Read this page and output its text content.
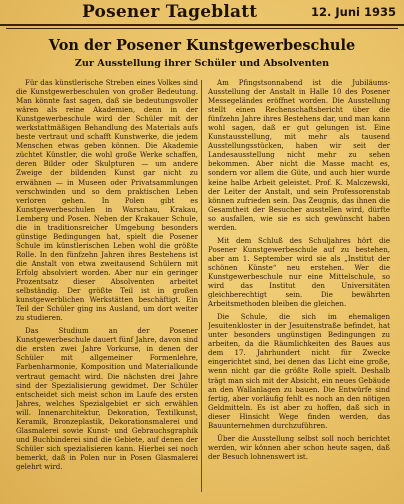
Posener Tageblatt	12. Juni 1935
Von der Posener Kunstgewerbeschule
Zur Ausstellung ihrer Schüler und Absolventen

Für das künstlerische Streben eines Volkes sind die Kunstgewerbeschulen von großer Bedeutung. Man könnte fast sagen, daß sie bedeutungsvoller wären als reine Akademien, denn in der Kunstgewerbeschule wird der Schüler mit der werkstattmäßigen Behandlung des Materials aufs beste vertraut und schafft Kunstwerke, die jedem Menschen etwas geben können. Die Akademie züchtet Künstler, die wohl große Werke schaffen, deren Bilder oder Skulpturen — um andere Zweige der bildenden Kunst gar nicht zu erwähnen — in Museen oder Privatsammlungen verschwinden und so dem praktischen Leben verloren gehen. In Polen gibt es Kunstgewerbeschulen in Warschau, Krakau, Lemberg und Posen. Neben der Krakauer Schule, die in traditionsreicher Umgebung besonders günstige Bedingungen hat, spielt die Posener Schule im künstlerischen Leben wohl die größte Rolle. In den fünfzehn Jahren ihres Bestehens ist die Anstalt von etwa zweitausend Schülern mit Erfolg absolviert worden. Aber nur ein geringer Prozentsatz dieser Absolventen arbeitet selbständig. Der größte Teil ist in großen kunstgewerblichen Werkstätten beschäftigt. Ein Teil der Schüler ging ins Ausland, um dort weiter zu studieren.

Das Studium an der Posener Kunstgewerbeschule dauert fünf Jahre, davon sind die ersten zwei Jahre Vorkurse, in denen der Schüler mit allgemeiner Formenlehre, Farbenharmonie, Komposition und Materialkunde vertraut gemacht wird. Die nächsten drei Jahre sind der Spezialisierung gewidmet. Der Schüler entscheidet sich meist schon im Laufe des ersten Jahres, welches Spezialgebiet er sich erwählen will. Innenarchitektur, Dekoration, Textilkunst, Keramik, Bronzeplastik, Dekorationsmalerei und Glasmalerei sowie Kunst- und Gebrauchsgraphik und Buchbinderei sind die Gebiete, auf denen der Schüler sich spezialisieren kann. Hierbei sei noch bemerkt, daß in Polen nur in Posen Glasmalerei gelehrt wird.

Am Pfingstsonnabend ist die Jubiläums-Ausstellung der Anstalt in Halle 10 des Posener Messegeländes eröffnet worden. Die Ausstellung stellt einen Rechenschaftsbericht über die fünfzehn Jahre ihres Bestehens dar, und man kann wohl sagen, daß er gut gelungen ist. Eine Kunstausstellung, mit mehr als tausend Ausstellungsstücken, haben wir seit der Landesausstellung nicht mehr zu sehen bekommen. Aber nicht die Masse macht es, sondern vor allem die Güte, und auch hier wurde keine halbe Arbeit geleistet. Prof. K. Malczewski, der Leiter der Anstalt, und sein Professorenstab können zufrieden sein. Das Zeugnis, das ihnen die Gesamtheit der Besucher ausstellen wird, dürfte so ausfallen, wie sie es sich gewünscht haben werden.

Mit dem Schluß des Schuljahres hört die Posener Kunstgewerbeschule auf zu bestehen, aber am 1. September wird sie als „Institut der schönen Künste“ neu erstehen. Wer die Kunstgewerbeschule nur eine Mittelschule, so wird das Institut den Universitäten gleichberechtigt sein. Die bewährten Arbeitsmethoden bleiben die gleichen.

Die Schule, die sich im ehemaligen Jesuitenkloster in der Jesuitenstraße befindet, hat unter besonders ungünstigen Bedingungen zu arbeiten, da die Räumlichkeiten des Baues aus dem 17. Jahrhundert nicht für Zwecke eingerichtet sind, bei denen das Licht eine große, wenn nicht gar die größte Rolle spielt. Deshalb trägt man sich mit der Absicht, ein neues Gebäude an den Wallanlagen zu bauen. Die Entwürfe sind fertig, aber vorläufig fehlt es noch an den nötigen Geldmitteln. Es ist aber zu hoffen, daß sich in dieser Hinsicht Wege finden werden, das Bauunternehmen durchzuführen.

Über die Ausstellung selbst soll noch berichtet werden, wir können aber schon heute sagen, daß der Besuch lohnenswert ist.
